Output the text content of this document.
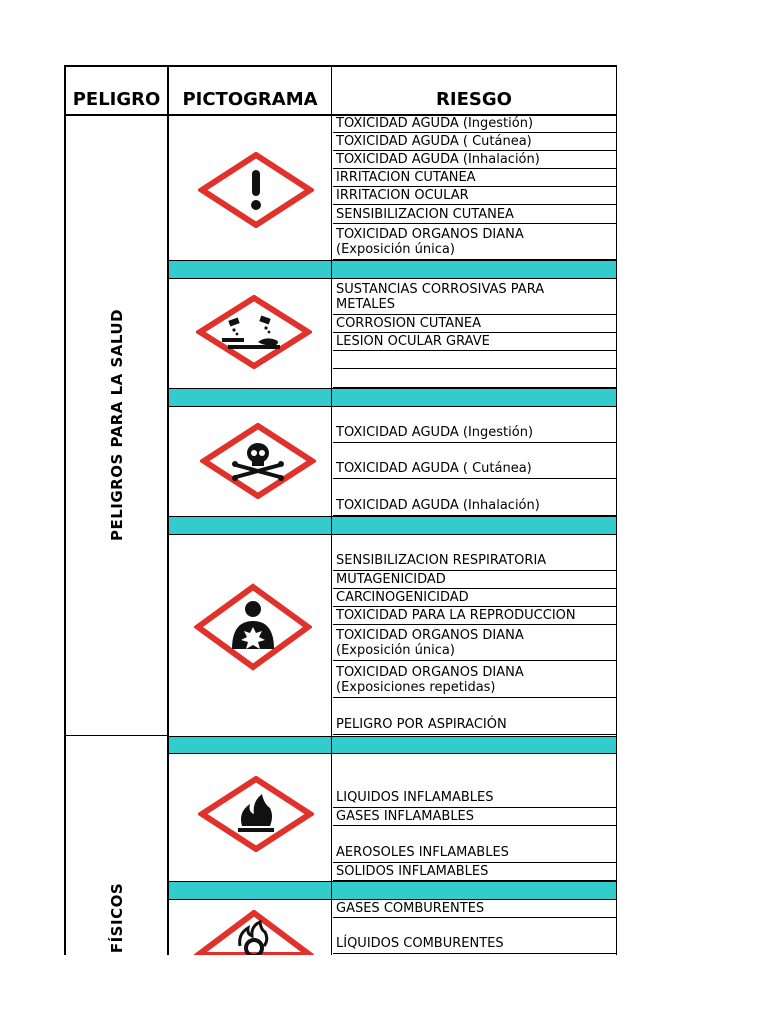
PELIGRO	PICTOGRAMA	RIESGO
PELIGROS PARA LA SALUD
FÍSICOS
TOXICIDAD AGUDA (Ingestión)
TOXICIDAD AGUDA ( Cutánea)
TOXICIDAD AGUDA (Inhalación)
IRRITACION CUTANEA
IRRITACION OCULAR
SENSIBILIZACION CUTANEA
TOXICIDAD ORGANOS DIANA
(Exposición única)
SUSTANCIAS CORROSIVAS PARA
METALES
CORROSION CUTANEA
LESION OCULAR GRAVE
TOXICIDAD AGUDA (Ingestión)
TOXICIDAD AGUDA ( Cutánea)
TOXICIDAD AGUDA (Inhalación)
SENSIBILIZACION RESPIRATORIA
MUTAGENICIDAD
CARCINOGENICIDAD
TOXICIDAD PARA LA REPRODUCCION
TOXICIDAD ORGANOS DIANA
(Exposición única)
TOXICIDAD ORGANOS DIANA
(Exposiciones repetidas)
PELIGRO POR ASPIRACIÓN
LIQUIDOS INFLAMABLES
GASES INFLAMABLES
AEROSOLES INFLAMABLES
SOLIDOS INFLAMABLES
GASES COMBURENTES
LÍQUIDOS COMBURENTES
